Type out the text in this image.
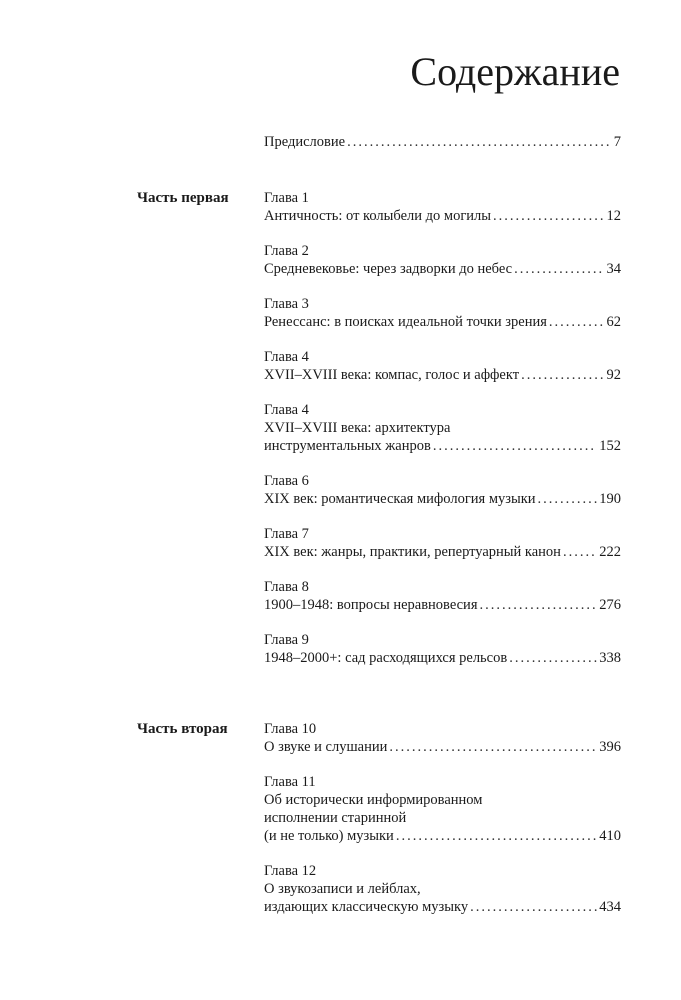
Содержание
Предисловие .....	7
Часть первая Глава 1
Античность: от колыбели до могилы .....	12
Глава 2
Средневековье: через задворки до небес .....	34
Глава 3
Ренессанс: в поисках идеальной точки зрения .....	62
Глава 4
XVII–XVIII века: компас, голос и аффект .....	92
Глава 4
XVII–XVIII века: архитектура
инструментальных жанров .....	152
Глава 6
XIX век: романтическая мифология музыки .....	190
Глава 7
XIX век: жанры, практики, репертуарный канон .....	222
Глава 8
1900–1948: вопросы неравновесия .....	276
Глава 9
1948–2000+: сад расходящихся рельсов .....	338
Часть вторая	Глава 10
О звуке и слушании .....	396
Глава 11
Об исторически информированном
исполнении старинной
(и не только) музыки .....	410
Глава 12
О звукозаписи и лейблах,
издающих классическую музыку .....	434
